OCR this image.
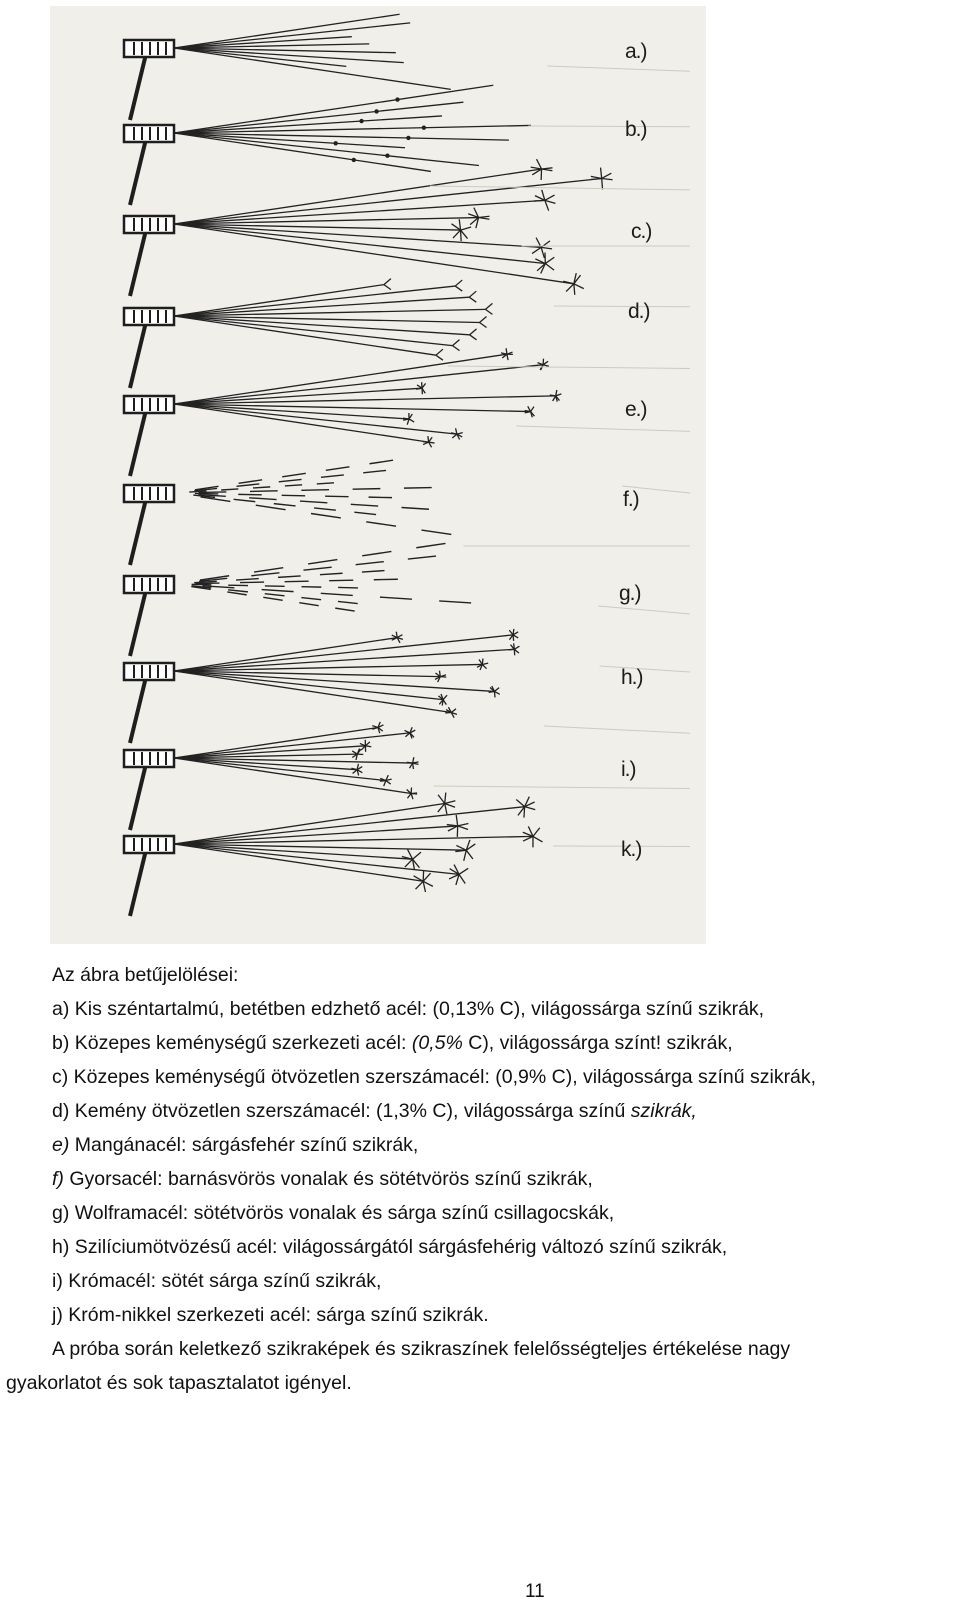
a.)
b.)
c.)
d.)
e.)
f.)
g.)
h.)
i.)
k.)
Az ábra betűjelölései:
a) Kis széntartalmú, betétben edzhető acél: (0,13% C), világossárga színű szikrák,
b) Közepes keménységű szerkezeti acél: (0,5% C), világossárga színt! szikrák,
c) Közepes keménységű ötvözetlen szerszámacél: (0,9% C), világossárga színű szikrák,
d) Kemény ötvözetlen szerszámacél: (1,3% C), világossárga színű szikrák,
e) Mangánacél: sárgásfehér színű szikrák,
f) Gyorsacél: barnásvörös vonalak és sötétvörös színű szikrák,
g) Wolframacél: sötétvörös vonalak és sárga színű csillagocskák,
h) Szilíciumötvözésű acél: világossárgától sárgásfehérig változó színű szikrák,
i) Krómacél: sötét sárga színű szikrák,
j) Króm-nikkel szerkezeti acél: sárga színű szikrák.
A próba során keletkező szikraképek és szikraszínek felelősségteljes értékelése nagy
gyakorlatot és sok tapasztalatot igényel.
11
